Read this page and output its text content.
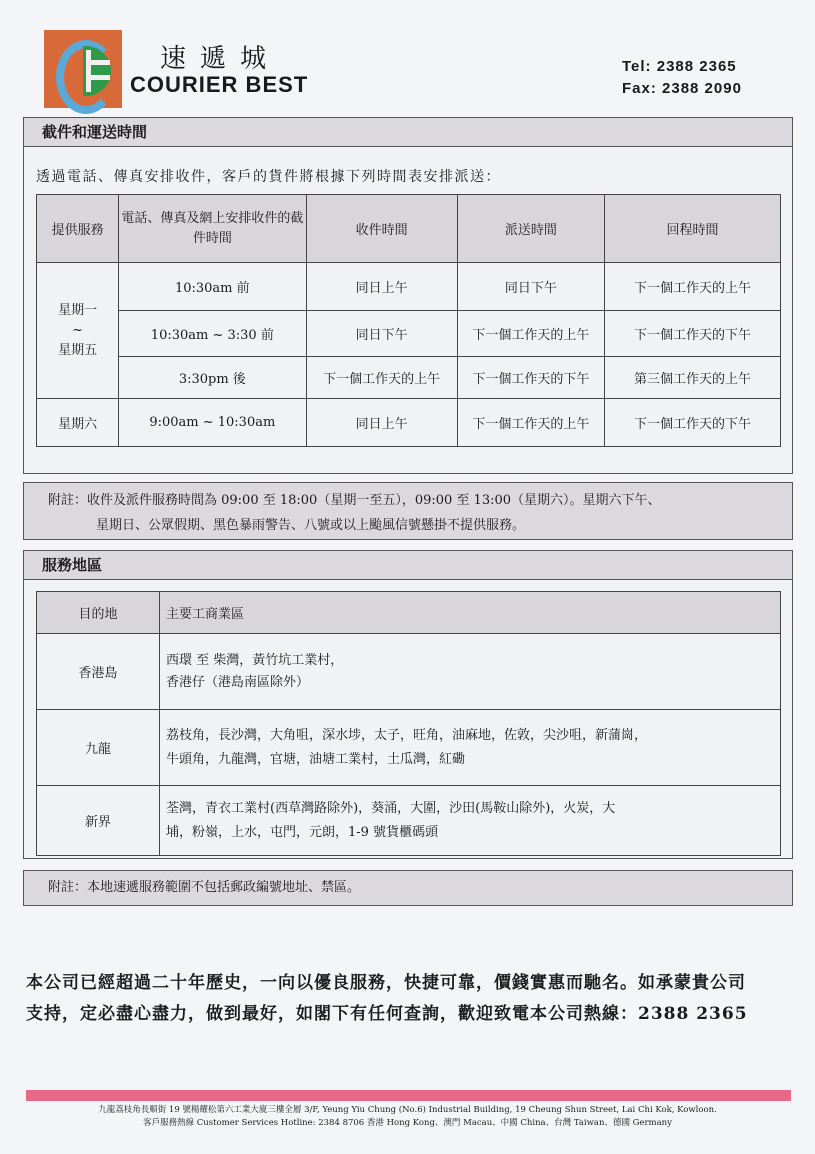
速遞城
COURIER BEST
Tel: 2388 2365
Fax: 2388 2090
截件和運送時間
透過電話、傳真安排收件，客戶的貨件將根據下列時間表安排派送：
提供服務	電話、傳真及網上安排收件的截件時間	收件時間	派送時間	回程時間
星期一
~
星期五	10:30am 前	同日上午	同日下午	下一個工作天的上午
	10:30am ~ 3:30 前	同日下午	下一個工作天的上午	下一個工作天的下午
	3:30pm 後	下一個工作天的上午	下一個工作天的下午	第三個工作天的上午
星期六	9:00am ~ 10:30am	同日上午	下一個工作天的上午	下一個工作天的下午
附註：收件及派件服務時間為 09:00 至 18:00（星期一至五），09:00 至 13:00（星期六）。星期六下午、
星期日、公眾假期、黑色暴雨警告、八號或以上颱風信號懸掛不提供服務。
服務地區
目的地	主要工商業區
香港島	西環 至 柴灣，黃竹坑工業村，
香港仔（港島南區除外）

九龍	荔枝角，長沙灣，大角咀，深水埗，太子，旺角，油麻地，佐敦，尖沙咀，新蒲崗，
牛頭角，九龍灣，官塘，油塘工業村，土瓜灣，紅磡

新界	荃灣，青衣工業村(西草灣路除外)，葵涌，大圍，沙田(馬鞍山除外)，火炭，大
埔，粉嶺，上水，屯門，元朗，1-9 號貨櫃碼頭
附註：本地速遞服務範圍不包括郵政編號地址、禁區。
本公司已經超過二十年歷史，一向以優良服務，快捷可靠，價錢實惠而馳名。如承蒙貴公司
支持，定必盡心盡力，做到最好，如閣下有任何查詢，歡迎致電本公司熱線：2388 2365
九龍荔枝角長順街 19 號楊耀松第六工業大廈三樓全層 3/F, Yeung Yiu Chung (No.6) Industrial Building, 19 Cheung Shun Street, Lai Chi Kok, Kowloon.
客戶服務熱線 Customer Services Hotline: 2384 8706 香港 Hong Kong、澳門 Macau、中國 China、台灣 Taiwan、德國 Germany
